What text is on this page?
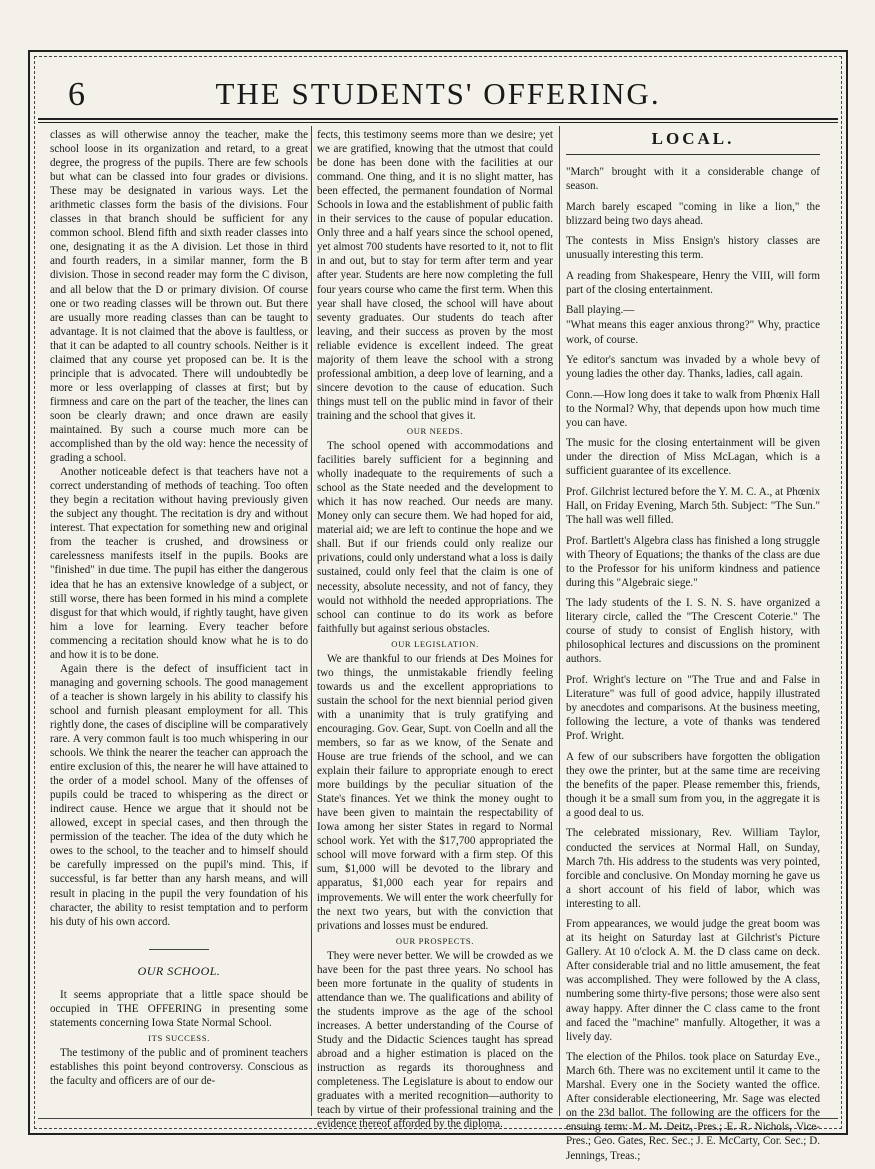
6	THE STUDENTS' OFFERING.

classes as will otherwise annoy the teacher, make the school loose in its organization and retard, to a great degree, the progress of the pupils. There are few schools but what can be classed into four grades or divisions. These may be designated in various ways. Let the arithmetic classes form the basis of the divisions. Four classes in that branch should be sufficient for any common school. Blend fifth and sixth reader classes into one, designating it as the A division. Let those in third and fourth readers, in a similar manner, form the B division. Those in second reader may form the C divison, and all below that the D or primary division. Of course one or two reading classes will be thrown out. But there are usually more reading classes than can be taught to advantage. It is not claimed that the above is faultless, or that it can be adapted to all country schools. Neither is it claimed that any course yet proposed can be. It is the principle that is advocated. There will undoubtedly be more or less overlapping of classes at first; but by firmness and care on the part of the teacher, the lines can soon be clearly drawn; and once drawn are easily maintained. By such a course much more can be accomplished than by the old way: hence the necessity of grading a school.

Another noticeable defect is that teachers have not a correct understanding of methods of teaching. Too often they begin a recitation without having previously given the subject any thought. The recitation is dry and without interest. That expectation for something new and original from the teacher is crushed, and drowsiness or carelessness manifests itself in the pupils. Books are "finished" in due time. The pupil has either the dangerous idea that he has an extensive knowledge of a subject, or still worse, there has been formed in his mind a complete disgust for that which would, if rightly taught, have given him a love for learning. Every teacher before commencing a recitation should know what he is to do and how it is to be done.

Again there is the defect of insufficient tact in managing and governing schools. The good management of a teacher is shown largely in his ability to classify his school and furnish pleasant employment for all. This rightly done, the cases of discipline will be comparatively rare. A very common fault is too much whispering in our schools. We think the nearer the teacher can approach the entire exclusion of this, the nearer he will have attained to the order of a model school. Many of the offenses of pupils could be traced to whispering as the direct or indirect cause. Hence we argue that it should not be allowed, except in special cases, and then through the permission of the teacher. The idea of the duty which he owes to the school, to the teacher and to himself should be carefully impressed on the pupil's mind. This, if successful, is far better than any harsh means, and will result in placing in the pupil the very foundation of his character, the ability to resist temptation and to perform his duty of his own accord.

OUR SCHOOL.

It seems appropriate that a little space should be occupied in THE OFFERING in presenting some statements concerning Iowa State Normal School.

ITS SUCCESS.

The testimony of the public and of prominent teachers establishes this point beyond controversy. Conscious as the faculty and officers are of our de-

fects, this testimony seems more than we desire; yet we are gratified, knowing that the utmost that could be done has been done with the facilities at our command. One thing, and it is no slight matter, has been effected, the permanent foundation of Normal Schools in Iowa and the establishment of public faith in their services to the cause of popular education. Only three and a half years since the school opened, yet almost 700 students have resorted to it, not to flit in and out, but to stay for term after term and year after year. Students are here now completing the full four years course who came the first term. When this year shall have closed, the school will have about seventy graduates. Our students do teach after leaving, and their success as proven by the most reliable evidence is excellent indeed. The great majority of them leave the school with a strong professional ambition, a deep love of learning, and a sincere devotion to the cause of education. Such things must tell on the public mind in favor of their training and the school that gives it.

OUR NEEDS.

The school opened with accommodations and facilities barely sufficient for a beginning and wholly inadequate to the requirements of such a school as the State needed and the development to which it has now reached. Our needs are many. Money only can secure them. We had hoped for aid, material aid; we are left to continue the hope and we shall. But if our friends could only realize our privations, could only understand what a loss is daily sustained, could only feel that the claim is one of necessity, absolute necessity, and not of fancy, they would not withhold the needed appropriations. The school can continue to do its work as before faithfully but against serious obstacles.

OUR LEGISLATION.

We are thankful to our friends at Des Moines for two things, the unmistakable friendly feeling towards us and the excellent appropriations to sustain the school for the next biennial period given with a unanimity that is truly gratifying and encouraging. Gov. Gear, Supt. von Coelln and all the members, so far as we know, of the Senate and House are true friends of the school, and we can explain their failure to appropriate enough to erect more buildings by the peculiar situation of the State's finances. Yet we think the money ought to have been given to maintain the respectability of Iowa among her sister States in regard to Normal school work. Yet with the $17,700 appropriated the school will move forward with a firm step. Of this sum, $1,000 will be devoted to the library and apparatus, $1,000 each year for repairs and improvements. We will enter the work cheerfully for the next two years, but with the conviction that privations and losses must be endured.

OUR PROSPECTS.

They were never better. We will be crowded as we have been for the past three years. No school has been more fortunate in the quality of students in attendance than we. The qualifications and ability of the students improve as the age of the school increases. A better understanding of the Course of Study and the Didactic Sciences taught has spread abroad and a higher estimation is placed on the instruction as regards its thoroughness and completeness. The Legislature is about to endow our graduates with a merited recognition—authority to teach by virtue of their professional training and the evidence thereof afforded by the diploma.

LOCAL.

"March" brought with it a considerable change of season.

March barely escaped "coming in like a lion," the blizzard being two days ahead.

The contests in Miss Ensign's history classes are unusually interesting this term.

A reading from Shakespeare, Henry the VIII, will form part of the closing entertainment.

Ball playing.—

"What means this eager anxious throng?" Why, practice work, of course.

Ye editor's sanctum was invaded by a whole bevy of young ladies the other day. Thanks, ladies, call again.

Conn.—How long does it take to walk from Phœnix Hall to the Normal? Why, that depends upon how much time you can have.

The music for the closing entertainment will be given under the direction of Miss McLagan, which is a sufficient guarantee of its excellence.

Prof. Gilchrist lectured before the Y. M. C. A., at Phœnix Hall, on Friday Evening, March 5th. Subject: "The Sun." The hall was well filled.

Prof. Bartlett's Algebra class has finished a long struggle with Theory of Equations; the thanks of the class are due to the Professor for his uniform kindness and patience during this "Algebraic siege."

The lady students of the I. S. N. S. have organized a literary circle, called the "The Crescent Coterie." The course of study to consist of English history, with philosophical lectures and discussions on the prominent authors.

Prof. Wright's lecture on "The True and and False in Literature" was full of good advice, happily illustrated by anecdotes and comparisons. At the business meeting, following the lecture, a vote of thanks was tendered Prof. Wright.

A few of our subscribers have forgotten the obligation they owe the printer, but at the same time are receiving the benefits of the paper. Please remember this, friends, though it be a small sum from you, in the aggregate it is a good deal to us.

The celebrated missionary, Rev. William Taylor, conducted the services at Normal Hall, on Sunday, March 7th. His address to the students was very pointed, forcible and conclusive. On Monday morning he gave us a short account of his field of labor, which was interesting to all.

From appearances, we would judge the great boom was at its height on Saturday last at Gilchrist's Picture Gallery. At 10 o'clock A. M. the D class came on deck. After considerable trial and no little amusement, the feat was accomplished. They were followed by the A class, numbering some thirty-five persons; those were also sent away happy. After dinner the C class came to the front and faced the "machine" manfully. Altogether, it was a lively day.

The election of the Philos. took place on Saturday Eve., March 6th. There was no excitement until it came to the Marshal. Every one in the Society wanted the office. After considerable electioneering, Mr. Sage was elected on the 23d ballot. The following are the officers for the ensuing term: M. M. Deitz, Pres.; E. R. Nichols, Vice-Pres.; Geo. Gates, Rec. Sec.; J. E. McCarty, Cor. Sec.; D. Jennings, Treas.;
